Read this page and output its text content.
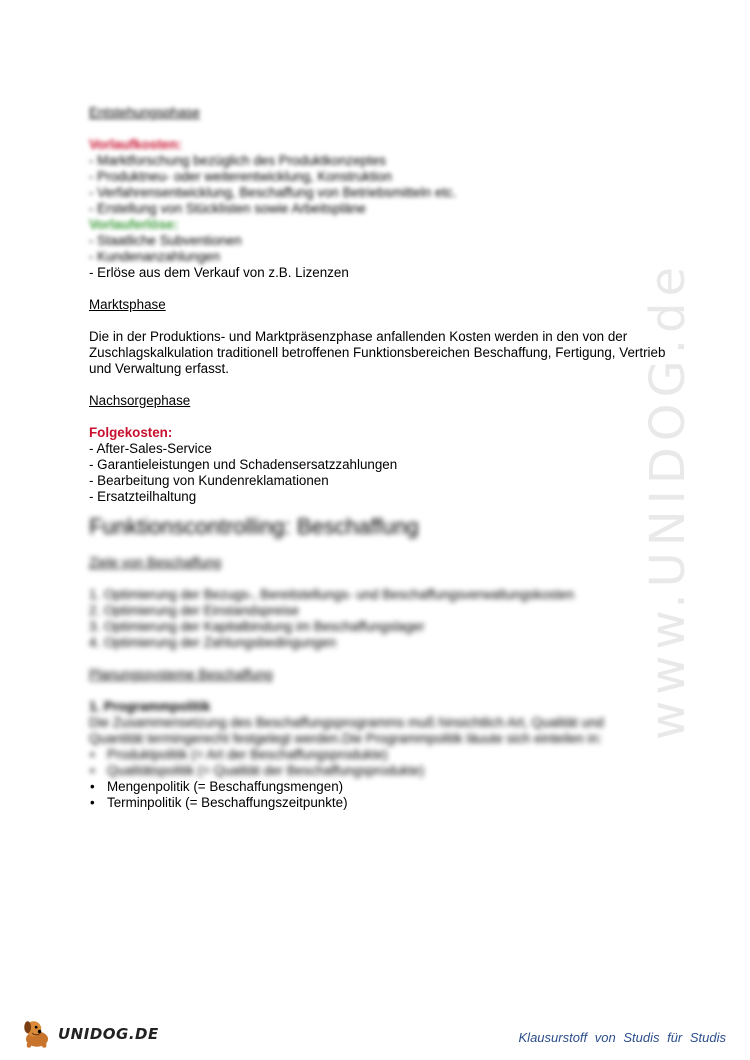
www.UNIDOG.de
Entstehungsphase
Vorlaufkosten:
- Marktforschung bezüglich des Produktkonzeptes
- Produktneu- oder weiterentwicklung, Konstruktion
- Verfahrensentwicklung, Beschaffung von Betriebsmitteln etc.
- Erstellung von Stücklisten sowie Arbeitspläne
Vorlauferlöse:
- Staatliche Subventionen
- Kundenanzahlungen
- Erlöse aus dem Verkauf von z.B. Lizenzen
Marktsphase

Die in der Produktions- und Marktpräsenzphase anfallenden Kosten werden in den von der Zuschlagskalkulation traditionell betroffenen Funktionsbereichen Beschaffung, Fertigung, Vertrieb und Verwaltung erfasst.

Nachsorgephase
Folgekosten:
- After-Sales-Service
- Garantieleistungen und Schadensersatzzahlungen
- Bearbeitung von Kundenreklamationen
- Ersatzteilhaltung
Funktionscontrolling: Beschaffung
Ziele von Beschaffung
1. Optimierung der Bezugs-, Bereitstellungs- und Beschaffungsverwaltungskosten
2. Optimierung der Einstandspreise
3. Optimierung der Kapitalbindung im Beschaffungslager
4. Optimierung der Zahlungsbedingungen
Planungssysteme Beschaffung
1. Programmpolitik
Die Zusammensetzung des Beschaffungsprogramms muß hinsichtlich Art, Qualität und
Quantität termingerecht festgelegt werden.Die Programmpolitik läuute sich einteilen in:
• Produktpolitik (= Art der Beschaffungsprodukte)
• Qualitätspolitik (= Qualität der Beschaffungsprodukte)
• Mengenpolitik (= Beschaffungsmengen)
• Terminpolitik (= Beschaffungszeitpunkte)
UNIDOG.DE	Klausurstoff von Studis für Studis
